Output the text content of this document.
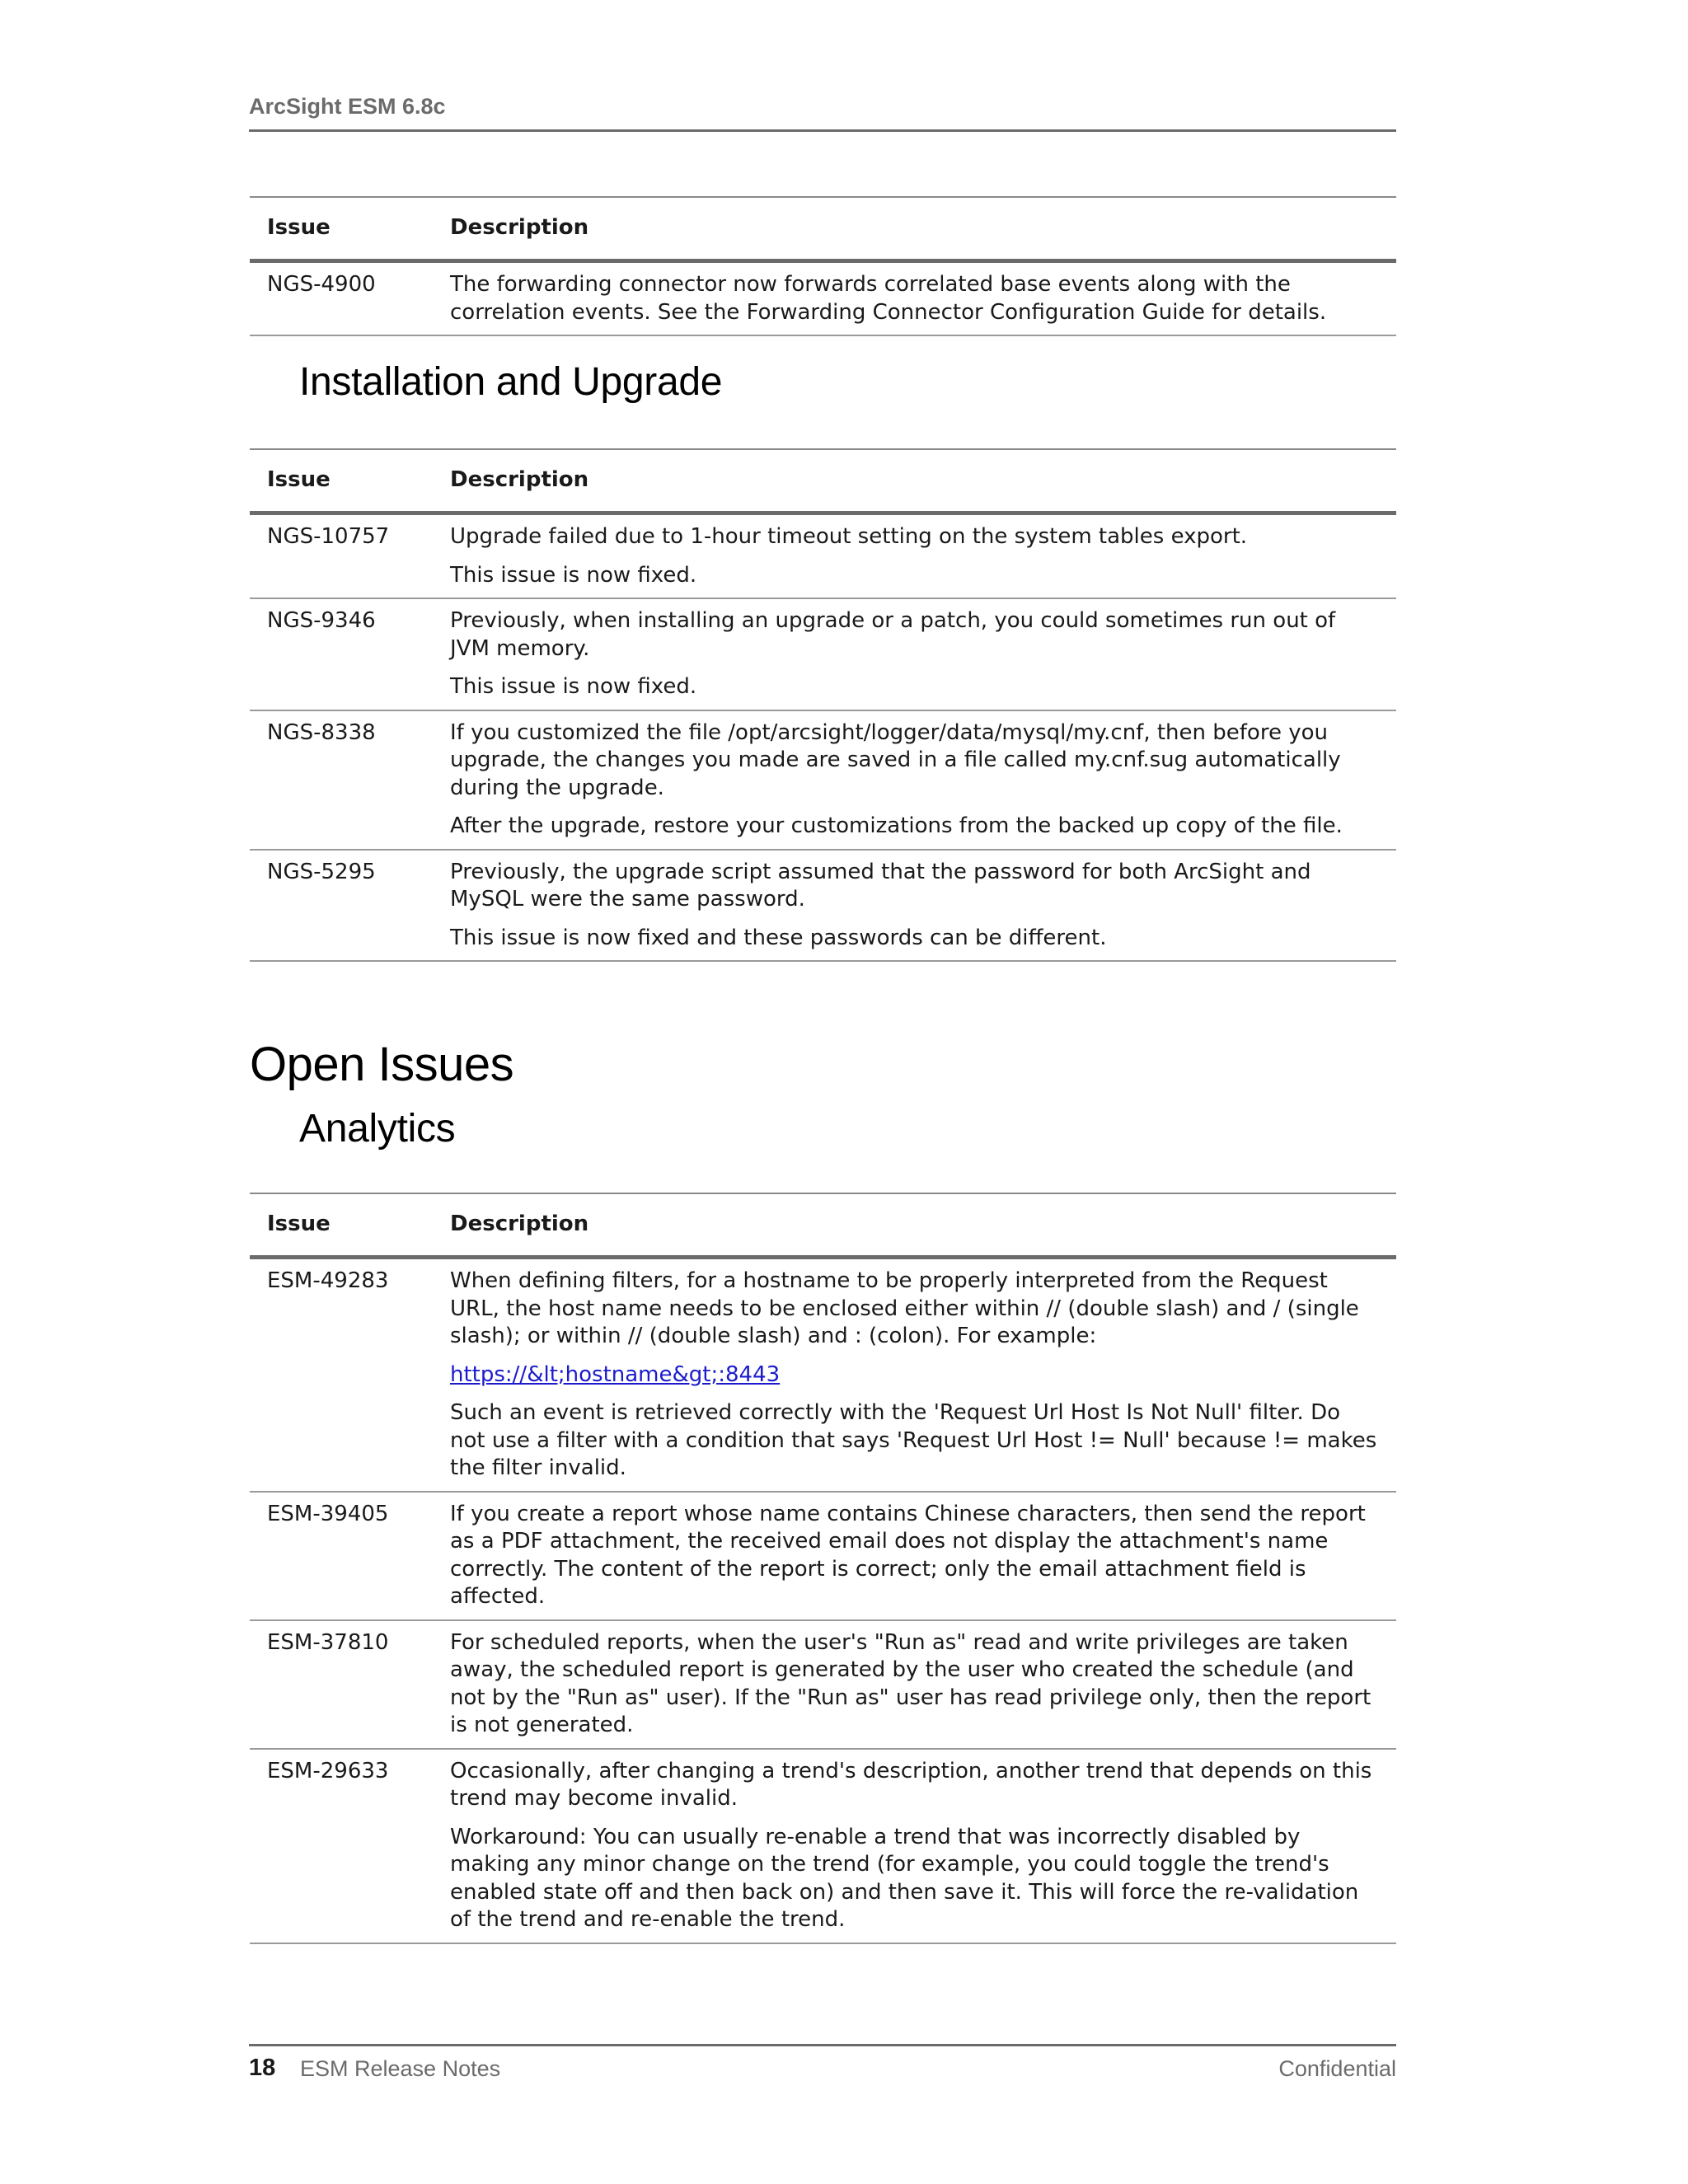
ArcSight ESM 6.8c
Issue	Description
NGS-4900	The forwarding connector now forwards correlated base events along with the correlation events. See the Forwarding Connector Configuration Guide for details.

Installation and Upgrade
Issue	Description
NGS-10757	Upgrade failed due to 1-hour timeout setting on the system tables export.

This issue is now fixed.

NGS-9346	Previously, when installing an upgrade or a patch, you could sometimes run out of JVM memory.

This issue is now fixed.

NGS-8338	If you customized the file /opt/arcsight/logger/data/mysql/my.cnf, then before you upgrade, the changes you made are saved in a file called my.cnf.sug automatically during the upgrade.

After the upgrade, restore your customizations from the backed up copy of the file.

NGS-5295	Previously, the upgrade script assumed that the password for both ArcSight and MySQL were the same password.

This issue is now fixed and these passwords can be different.

Open Issues
Analytics
Issue	Description
ESM-49283	When defining filters, for a hostname to be properly interpreted from the Request URL, the host name needs to be enclosed either within // (double slash) and / (single slash); or within // (double slash) and : (colon). For example:

https://&lt;hostname&gt;:8443

Such an event is retrieved correctly with the 'Request Url Host Is Not Null' filter. Do not use a filter with a condition that says 'Request Url Host != Null' because != makes the filter invalid.

ESM-39405	If you create a report whose name contains Chinese characters, then send the report as a PDF attachment, the received email does not display the attachment's name correctly. The content of the report is correct; only the email attachment field is affected.

ESM-37810	For scheduled reports, when the user's "Run as" read and write privileges are taken away, the scheduled report is generated by the user who created the schedule (and not by the "Run as" user). If the "Run as" user has read privilege only, then the report is not generated.

ESM-29633	Occasionally, after changing a trend's description, another trend that depends on this trend may become invalid.

Workaround: You can usually re-enable a trend that was incorrectly disabled by making any minor change on the trend (for example, you could toggle the trend's enabled state off and then back on) and then save it. This will force the re-validation of the trend and re-enable the trend.

18 ESM Release Notes	Confidential
